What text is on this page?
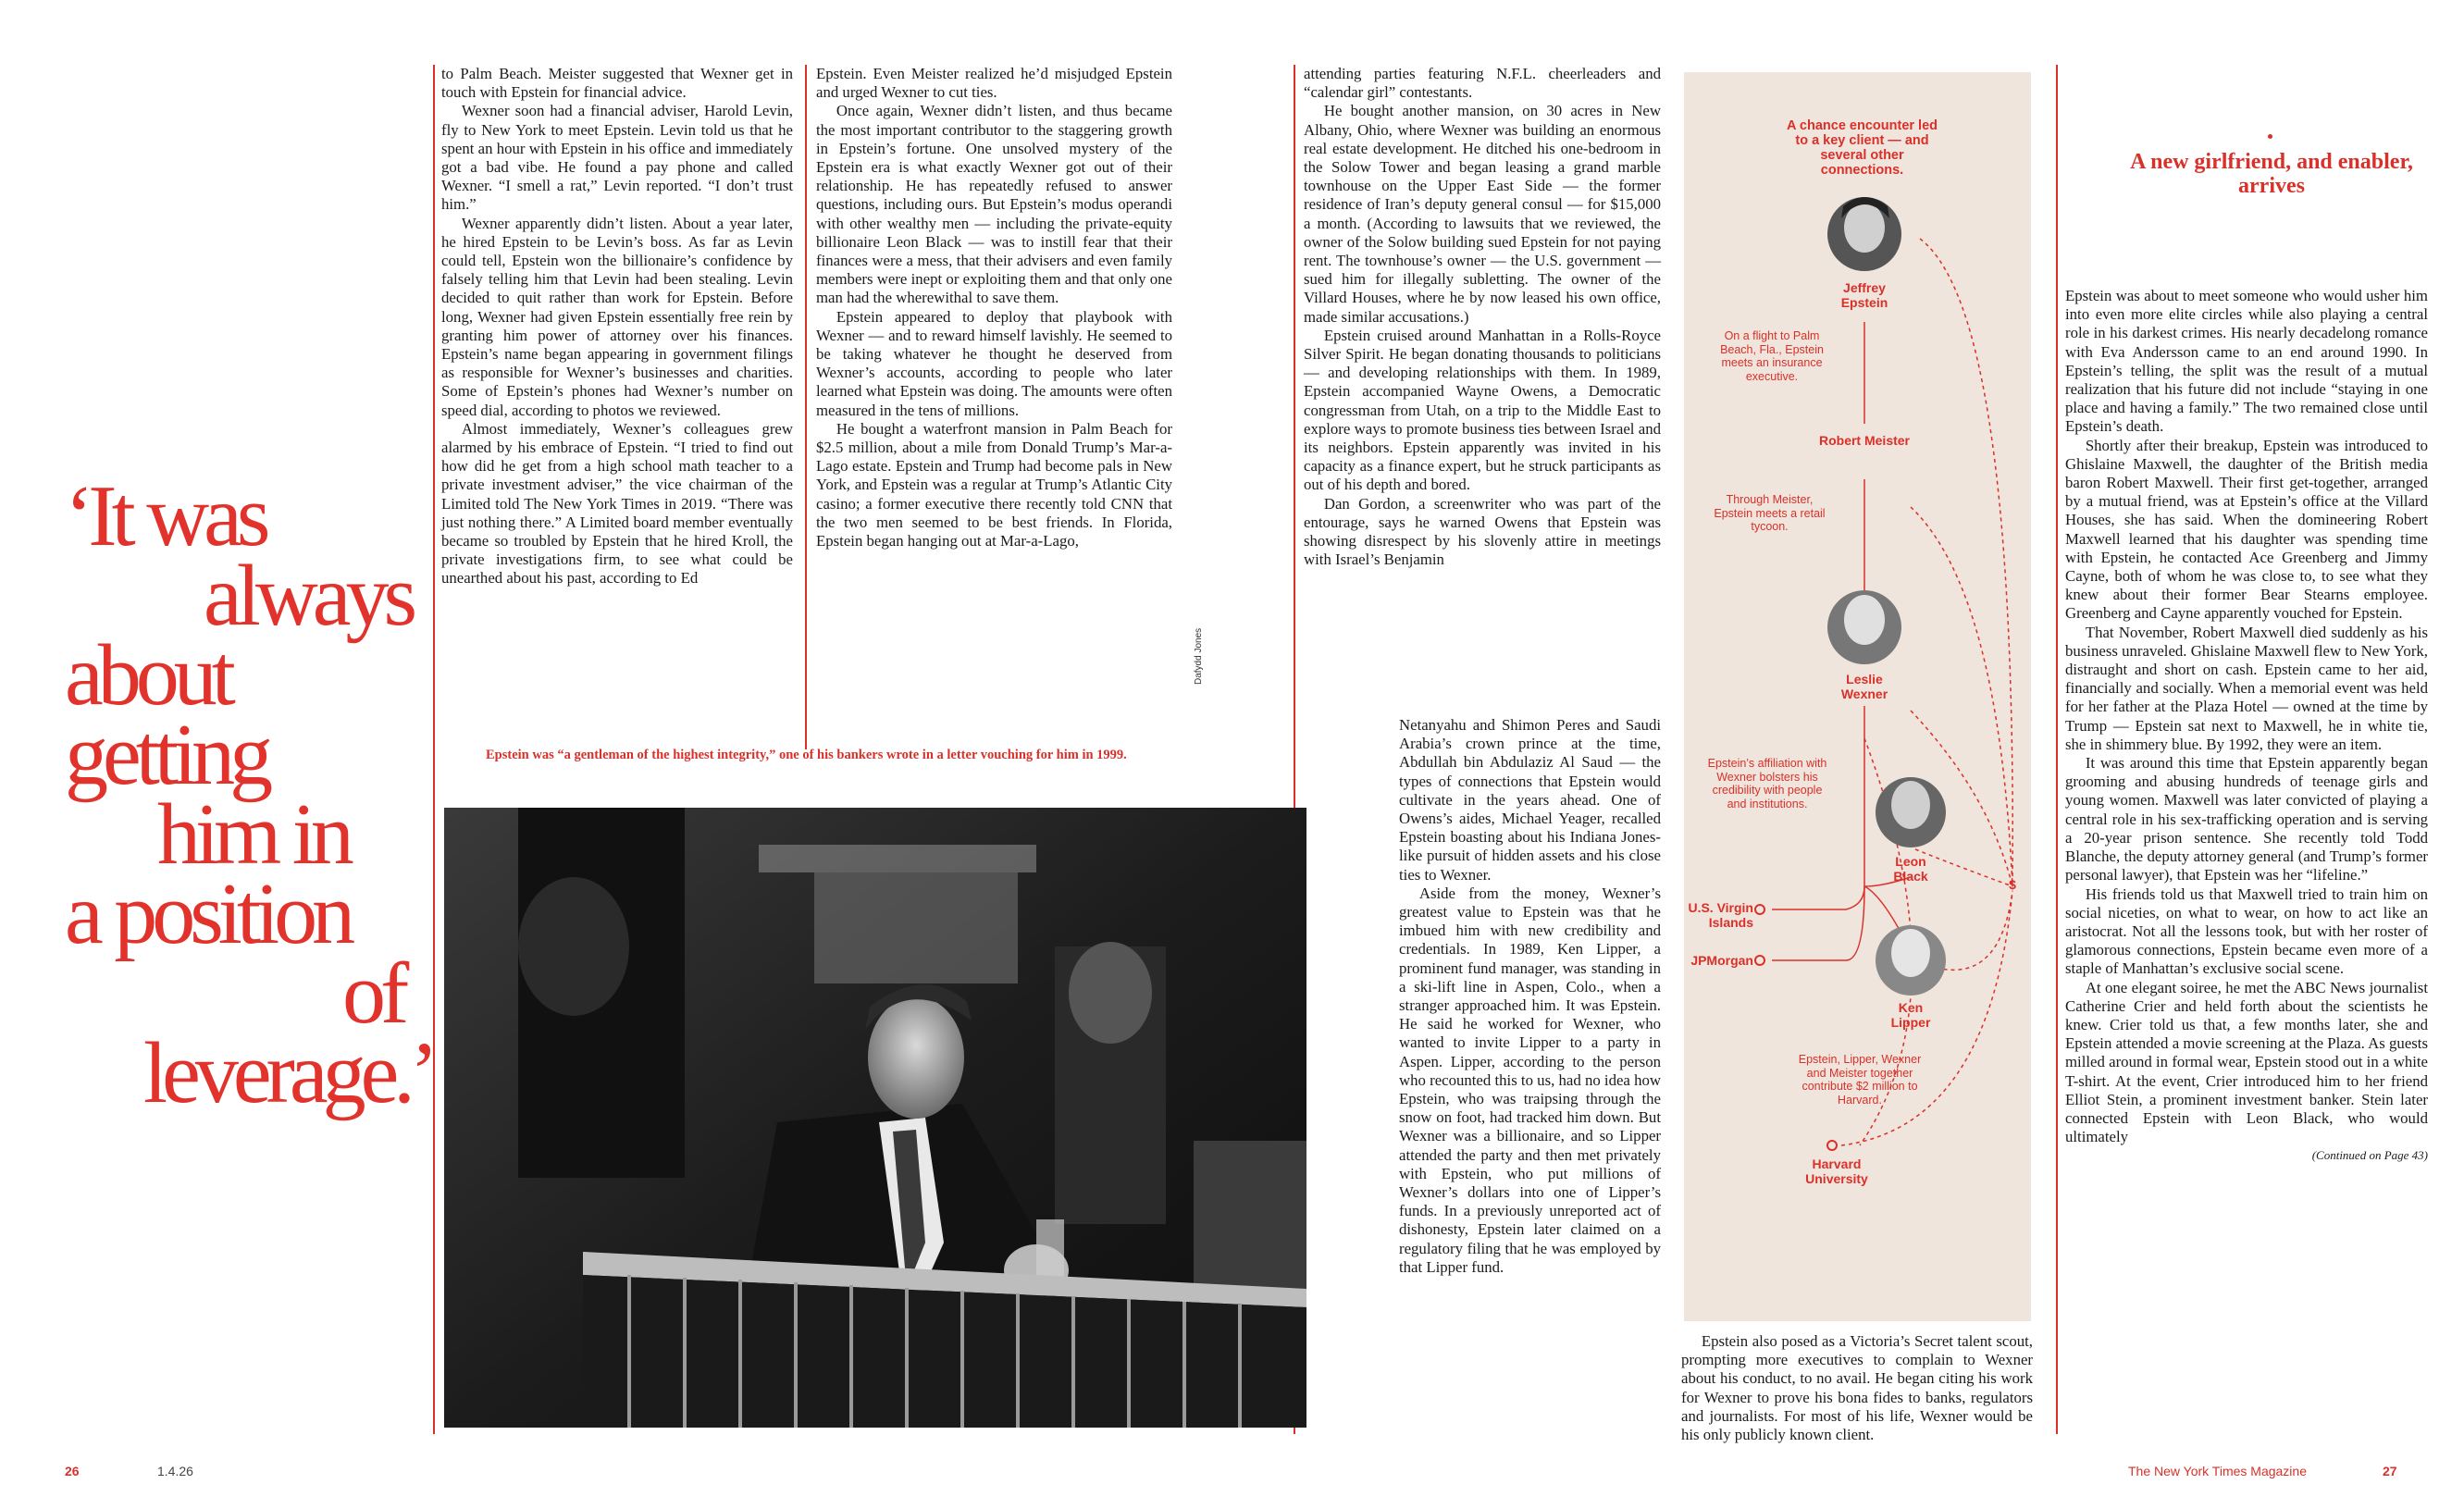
‘It was
always
about
getting
him in
a position
of
leverage.’

to Palm Beach. Meister suggested that Wexner get in touch with Epstein for financial advice.

Wexner soon had a financial adviser, Harold Levin, fly to New York to meet Epstein. Levin told us that he spent an hour with Epstein in his office and immediately got a bad vibe. He found a pay phone and called Wexner. “I smell a rat,” Levin reported. “I don’t trust him.”

Wexner apparently didn’t listen. About a year later, he hired Epstein to be Levin’s boss. As far as Levin could tell, Epstein won the billionaire’s confidence by falsely telling him that Levin had been stealing. Levin decided to quit rather than work for Epstein. Before long, Wexner had given Epstein essentially free rein by granting him power of attorney over his finances. Epstein’s name began appearing in government filings as responsible for Wexner’s businesses and charities. Some of Epstein’s phones had Wexner’s number on speed dial, according to photos we reviewed.

Almost immediately, Wexner’s colleagues grew alarmed by his embrace of Epstein. “I tried to find out how did he get from a high school math teacher to a private investment adviser,” the vice chairman of the Limited told The New York Times in 2019. “There was just nothing there.” A Limited board member eventually became so troubled by Epstein that he hired Kroll, the private investigations firm, to see what could be unearthed about his past, according to Ed

Epstein. Even Meister realized he’d misjudged Epstein and urged Wexner to cut ties.

Once again, Wexner didn’t listen, and thus became the most important contributor to the staggering growth in Epstein’s fortune. One unsolved mystery of the Epstein era is what exactly Wexner got out of their relationship. He has repeatedly refused to answer questions, including ours. But Epstein’s modus operandi with other wealthy men — including the private-equity billionaire Leon Black — was to instill fear that their finances were a mess, that their advisers and even family members were inept or exploiting them and that only one man had the wherewithal to save them.

Epstein appeared to deploy that playbook with Wexner — and to reward himself lavishly. He seemed to be taking whatever he thought he deserved from Wexner’s accounts, according to people who later learned what Epstein was doing. The amounts were often measured in the tens of millions.

He bought a waterfront mansion in Palm Beach for $2.5 million, about a mile from Donald Trump’s Mar-a-Lago estate. Epstein and Trump had become pals in New York, and Epstein was a regular at Trump’s Atlantic City casino; a former executive there recently told CNN that the two men seemed to be best friends. In Florida, Epstein began hanging out at Mar-a-Lago,

Dafydd Jones
Epstein was “a gentleman of the highest integrity,” one of his bankers wrote in a letter vouching for him in 1999.

attending parties featuring N.F.L. cheerleaders and “calendar girl” contestants.

He bought another mansion, on 30 acres in New Albany, Ohio, where Wexner was building an enormous real estate development. He ditched his one-bedroom in the Solow Tower and began leasing a grand marble townhouse on the Upper East Side — the former residence of Iran’s deputy general consul — for $15,000 a month. (According to lawsuits that we reviewed, the owner of the Solow building sued Epstein for not paying rent. The townhouse’s owner — the U.S. government — sued him for illegally subletting. The owner of the Villard Houses, where he by now leased his own office, made similar accusations.)

Epstein cruised around Manhattan in a Rolls-Royce Silver Spirit. He began donating thousands to politicians — and developing relationships with them. In 1989, Epstein accompanied Wayne Owens, a Democratic congressman from Utah, on a trip to the Middle East to explore ways to promote business ties between Israel and its neighbors. Epstein apparently was invited in his capacity as a finance expert, but he struck participants as out of his depth and bored.

Dan Gordon, a screenwriter who was part of the entourage, says he warned Owens that Epstein was showing disrespect by his slovenly attire in meetings with Israel’s Benjamin

Netanyahu and Shimon Peres and Saudi Arabia’s crown prince at the time, Abdullah bin Abdulaziz Al Saud — the types of connections that Epstein would cultivate in the years ahead. One of Owens’s aides, Michael Yeager, recalled Epstein boasting about his Indiana Jones-like pursuit of hidden assets and his close ties to Wexner.

Aside from the money, Wexner’s greatest value to Epstein was that he imbued him with new credibility and credentials. In 1989, Ken Lipper, a prominent fund manager, was standing in a ski-lift line in Aspen, Colo., when a stranger approached him. It was Epstein. He said he worked for Wexner, who wanted to invite Lipper to a party in Aspen. Lipper, according to the person who recounted this to us, had no idea how Epstein, who was traipsing through the snow on foot, had tracked him down. But Wexner was a billionaire, and so Lipper attended the party and then met privately with Epstein, who put millions of Wexner’s dollars into one of Lipper’s funds. In a previously unreported act of dishonesty, Epstein later claimed on a regulatory filing that he was employed by that Lipper fund.

A chance encounter led to a key client — and several other connections.
Jeffrey Epstein
On a flight to Palm Beach, Fla., Epstein meets an insurance executive.
Robert Meister
Through Meister, Epstein meets a retail tycoon.
Leslie Wexner
Epstein’s affiliation with Wexner bolsters his credibility with people and institutions.
Leon Black
$
U.S. Virgin Islands
JPMorgan
Ken Lipper
Epstein, Lipper, Wexner and Meister together contribute $2 million to Harvard.
Harvard University

Epstein also posed as a Victoria’s Secret talent scout, prompting more executives to complain to Wexner about his conduct, to no avail. He began citing his work for Wexner to prove his bona fides to banks, regulators and journalists. For most of his life, Wexner would be his only publicly known client.

A new girlfriend, and enabler, arrives

Epstein was about to meet someone who would usher him into even more elite circles while also playing a central role in his darkest crimes. His nearly decadelong romance with Eva Andersson came to an end around 1990. In Epstein’s telling, the split was the result of a mutual realization that his future did not include “staying in one place and having a family.” The two remained close until Epstein’s death.

Shortly after their breakup, Epstein was introduced to Ghislaine Maxwell, the daughter of the British media baron Robert Maxwell. Their first get-together, arranged by a mutual friend, was at Epstein’s office at the Villard Houses, she has said. When the domineering Robert Maxwell learned that his daughter was spending time with Epstein, he contacted Ace Greenberg and Jimmy Cayne, both of whom he was close to, to see what they knew about their former Bear Stearns employee. Greenberg and Cayne apparently vouched for Epstein.

That November, Robert Maxwell died suddenly as his business unraveled. Ghislaine Maxwell flew to New York, distraught and short on cash. Epstein came to her aid, financially and socially. When a memorial event was held for her father at the Plaza Hotel — owned at the time by Trump — Epstein sat next to Maxwell, he in white tie, she in shimmery blue. By 1992, they were an item.

It was around this time that Epstein apparently began grooming and abusing hundreds of teenage girls and young women. Maxwell was later convicted of playing a central role in his sex-trafficking operation and is serving a 20-year prison sentence. She recently told Todd Blanche, the deputy attorney general (and Trump’s former personal lawyer), that Epstein was her “lifeline.”

His friends told us that Maxwell tried to train him on social niceties, on what to wear, on how to act like an aristocrat. Not all the lessons took, but with her roster of glamorous connections, Epstein became even more of a staple of Manhattan’s exclusive social scene.

At one elegant soiree, he met the ABC News journalist Catherine Crier and held forth about the scientists he knew. Crier told us that, a few months later, she and Epstein attended a movie screening at the Plaza. As guests milled around in formal wear, Epstein stood out in a white T-shirt. At the event, Crier introduced him to her friend Elliot Stein, a prominent investment banker. Stein later connected Epstein with Leon Black, who would ultimately

(Continued on Page 43)

26	1.4.26	The New York Times Magazine	27
